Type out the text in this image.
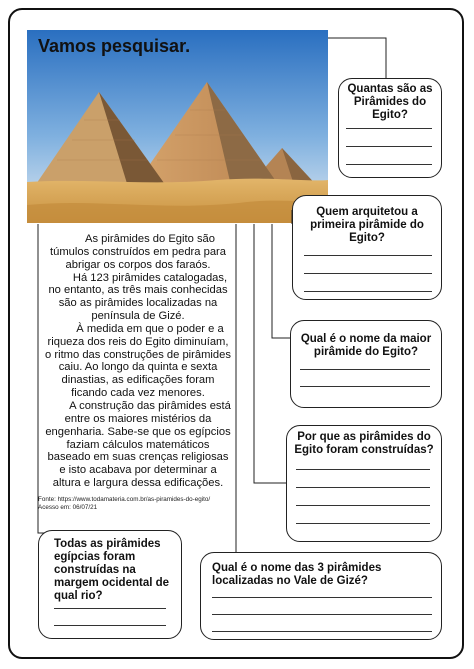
Vamos pesquisar.
Quantas são as Pirâmides do Egito?
Quem arquitetou a primeira pirâmide do Egito?
Qual é o nome da maior pirâmide do Egito?
Por que as pirâmides do Egito foram construídas?

As pirâmides do Egito são túmulos construídos em pedra para abrigar os corpos dos faraós.

Há 123 pirâmides catalogadas, no entanto, as três mais conhecidas são as pirâmides localizadas na península de Gizé.

À medida em que o poder e a riqueza dos reis do Egito diminuíam, o ritmo das construções de pirâmides caiu. Ao longo da quinta e sexta dinastias, as edificações foram ficando cada vez menores.

A construção das pirâmides está entre os maiores mistérios da engenharia. Sabe-se que os egípcios faziam cálculos matemáticos baseado em suas crenças religiosas e isto acabava por determinar a altura e largura dessa edificações.

Fonte: https://www.todamateria.com.br/as-piramides-do-egito/
Acesso em: 06/07/21
Todas as pirâmides egípcias foram construídas na margem ocidental de qual rio?
Qual é o nome das 3 pirâmides localizadas no Vale de Gizé?
